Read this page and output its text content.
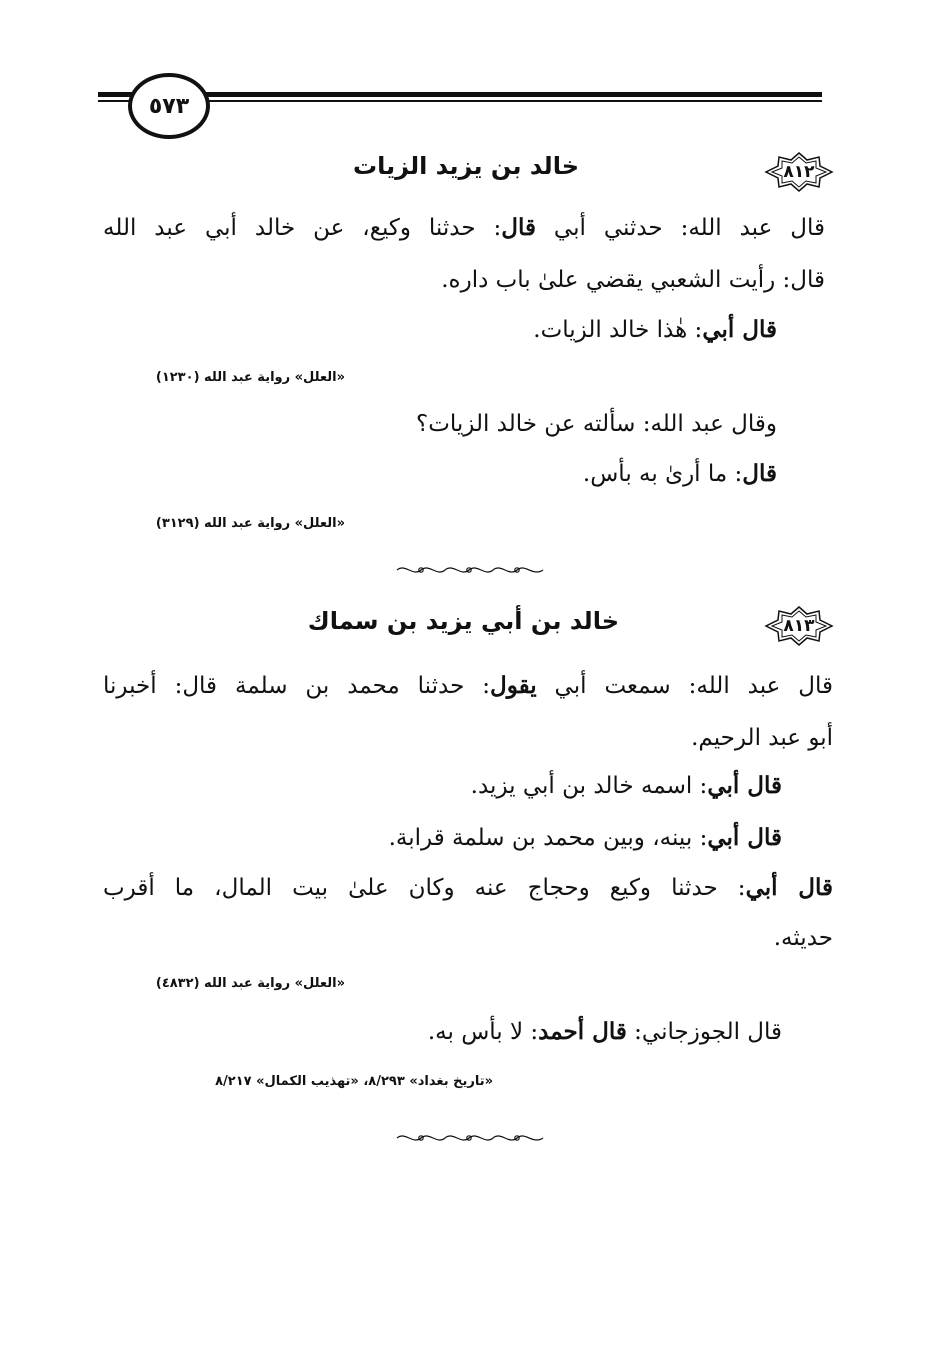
٥٧٣
٨١٢
خالد بن يزيد الزيات
قال عبد الله: حدثني أبي قال: حدثنا وكيع، عن خالد أبي عبد الله
قال: رأيت الشعبي يقضي علىٰ باب داره.
قال أبي: هٰذا خالد الزيات.
«العلل» رواية عبد الله (١٢٣٠)
وقال عبد الله: سألته عن خالد الزيات؟
قال: ما أرىٰ به بأس.
«العلل» رواية عبد الله (٣١٢٩)
٨١٣
خالد بن أبي يزيد بن سماك
قال عبد الله: سمعت أبي يقول: حدثنا محمد بن سلمة قال: أخبرنا
أبو عبد الرحيم.
قال أبي: اسمه خالد بن أبي يزيد.
قال أبي: بينه، وبين محمد بن سلمة قرابة.
قال أبي: حدثنا وكيع وحجاج عنه وكان علىٰ بيت المال، ما أقرب
حديثه.
«العلل» رواية عبد الله (٤٨٣٢)
قال الجوزجاني: قال أحمد: لا بأس به.
«تاريخ بغداد» ٨/٢٩٣، «تهذيب الكمال» ٨/٢١٧
